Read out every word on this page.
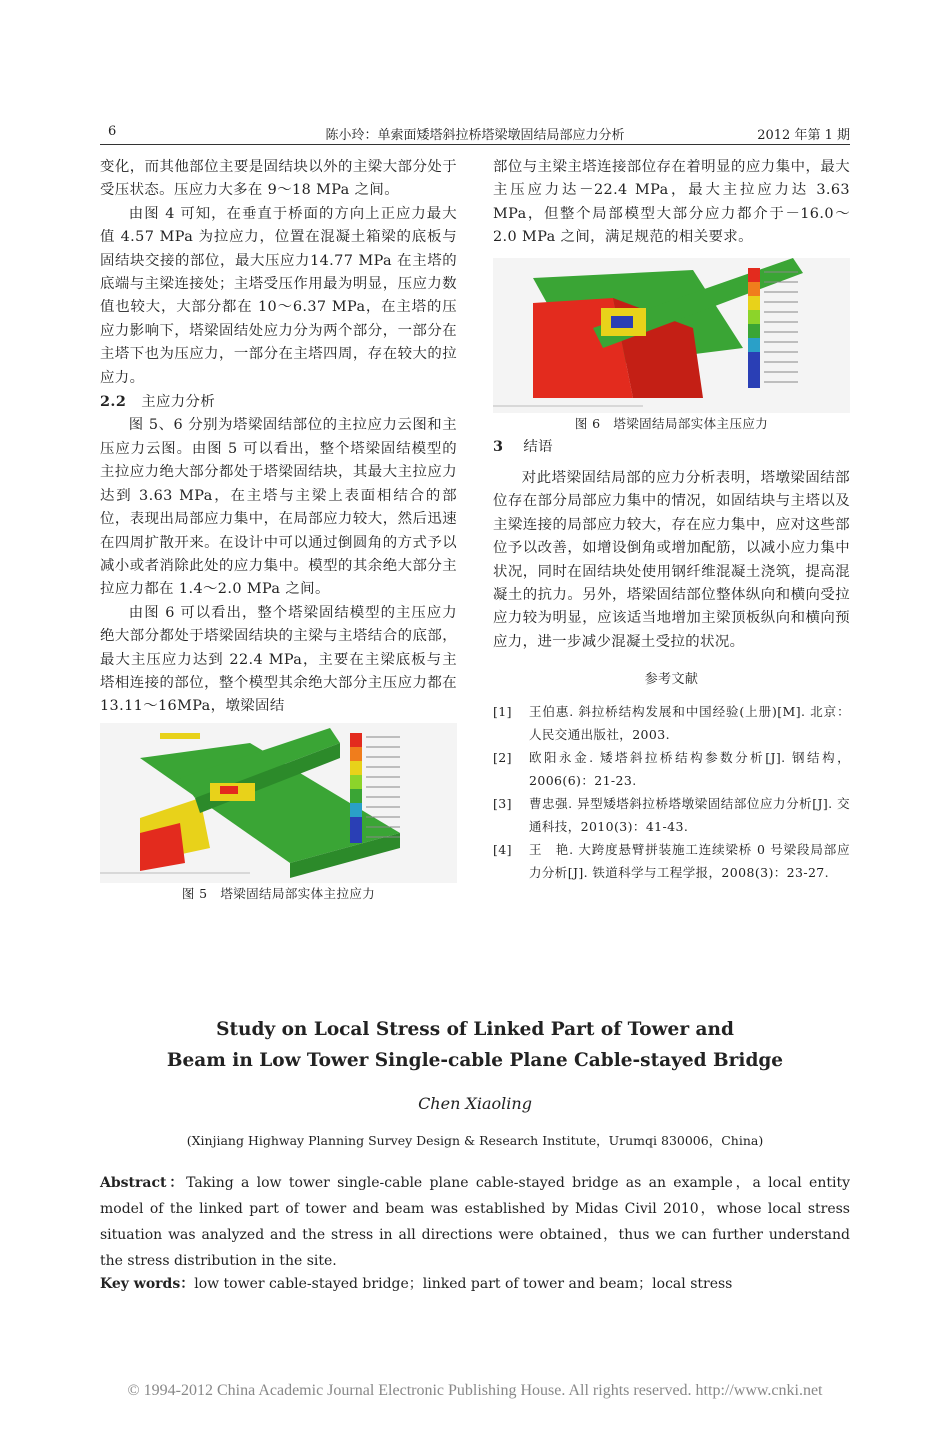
6	陈小玲：单索面矮塔斜拉桥塔梁墩固结局部应力分析	2012 年第 1 期

变化，而其他部位主要是固结块以外的主梁大部分处于受压状态。压应力大多在 9～18 MPa 之间。

由图 4 可知，在垂直于桥面的方向上正应力最大值 4.57 MPa 为拉应力，位置在混凝土箱梁的底板与固结块交接的部位，最大压应力14.77 MPa 在主塔的底端与主梁连接处；主塔受压作用最为明显，压应力数值也较大，大部分都在 10～6.37 MPa，在主塔的压应力影响下，塔梁固结处应力分为两个部分，一部分在主塔下也为压应力，一部分在主塔四周，存在较大的拉应力。

2.2 主应力分析

图 5、6 分别为塔梁固结部位的主拉应力云图和主压应力云图。由图 5 可以看出，整个塔梁固结模型的主拉应力绝大部分都处于塔梁固结块，其最大主拉应力达到 3.63 MPa，在主塔与主梁上表面相结合的部位，表现出局部应力集中，在局部应力较大，然后迅速在四周扩散开来。在设计中可以通过倒圆角的方式予以减小或者消除此处的应力集中。模型的其余绝大部分主拉应力都在 1.4～2.0 MPa 之间。

由图 6 可以看出，整个塔梁固结模型的主压应力绝大部分都处于塔梁固结块的主梁与主塔结合的底部，最大主压应力达到 22.4 MPa，主要在主梁底板与主塔相连接的部位，整个模型其余绝大部分主压应力都在13.11～16MPa，墩梁固结

图 5　塔梁固结局部实体主拉应力

部位与主梁主塔连接部位存在着明显的应力集中，最大主压应力达－22.4 MPa，最大主拉应力达 3.63 MPa，但整个局部模型大部分应力都介于－16.0～2.0 MPa 之间，满足规范的相关要求。

图 6　塔梁固结局部实体主压应力

3 结语

对此塔梁固结局部的应力分析表明，塔墩梁固结部位存在部分局部应力集中的情况，如固结块与主塔以及主梁连接的局部应力较大，存在应力集中，应对这些部位予以改善，如增设倒角或增加配筋，以减小应力集中状况，同时在固结块处使用钢纤维混凝土浇筑，提高混凝土的抗力。另外，塔梁固结部位整体纵向和横向受拉应力较为明显，应该适当地增加主梁顶板纵向和横向预应力，进一步减少混凝土受拉的状况。

参考文献
[1]	王伯惠. 斜拉桥结构发展和中国经验(上册)[M]. 北京：人民交通出版社，2003.
[2]	欧阳永金. 矮塔斜拉桥结构参数分析[J]. 钢结构，2006(6)：21-23.
[3]	曹忠强. 异型矮塔斜拉桥塔墩梁固结部位应力分析[J]. 交通科技，2010(3)：41-43.
[4]	王　艳. 大跨度悬臂拼装施工连续梁桥 0 号梁段局部应力分析[J]. 铁道科学与工程学报，2008(3)：23-27.
Study on Local Stress of Linked Part of Tower and
Beam in Low Tower Single-cable Plane Cable-stayed Bridge
Chen Xiaoling
(Xinjiang Highway Planning Survey Design & Research Institute，Urumqi 830006，China)
Abstract：Taking a low tower single-cable plane cable-stayed bridge as an example，a local entity model of the linked part of tower and beam was established by Midas Civil 2010，whose local stress situation was analyzed and the stress in all directions were obtained，thus we can further understand the stress distribution in the site.
Key words：low tower cable-stayed bridge；linked part of tower and beam；local stress
© 1994-2012 China Academic Journal Electronic Publishing House. All rights reserved. http://www.cnki.net
